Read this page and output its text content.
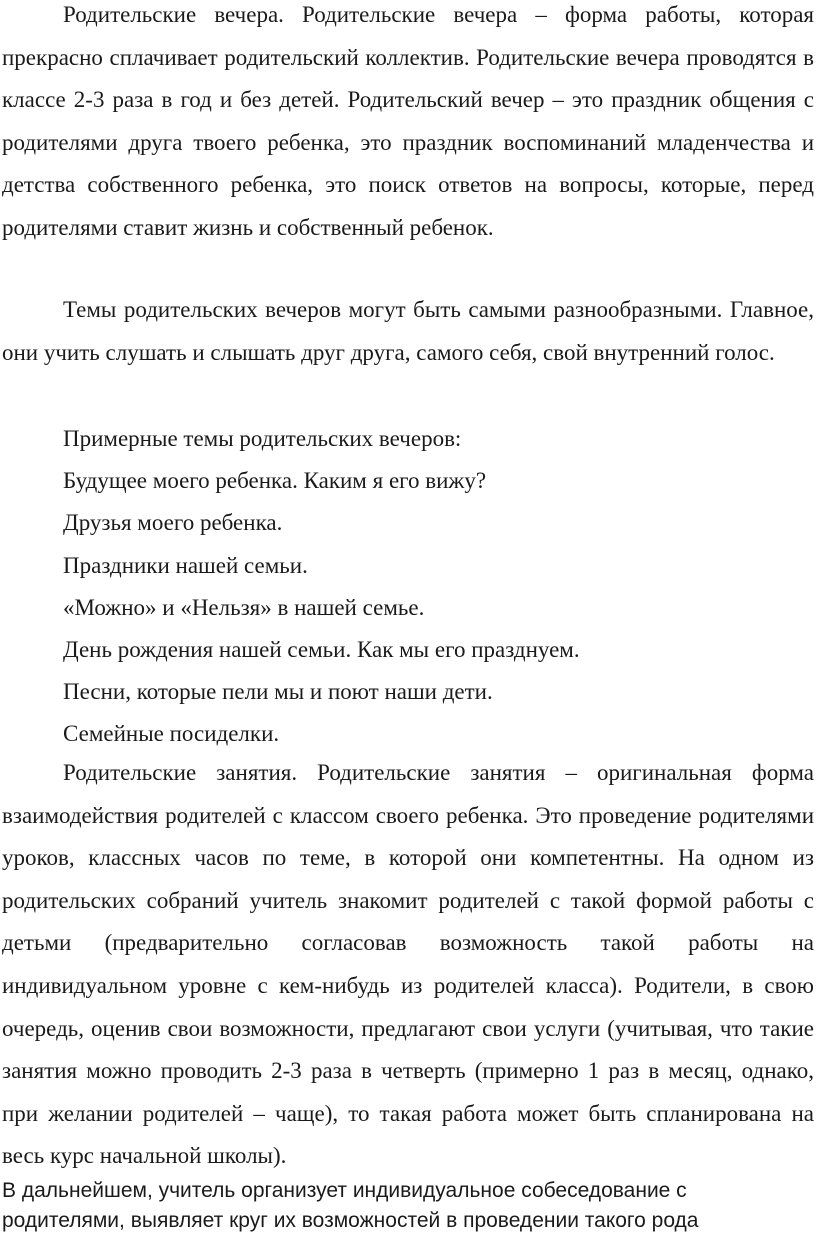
Родительские вечера. Родительские вечера – форма работы, которая прекрасно сплачивает родительский коллектив. Родительские вечера проводятся в классе 2-3 раза в год и без детей. Родительский вечер – это праздник общения с родителями друга твоего ребенка, это праздник воспоминаний младенчества и детства собственного ребенка, это поиск ответов на вопросы, которые, перед родителями ставит жизнь и собственный ребенок.

Темы родительских вечеров могут быть самыми разнообразными. Главное, они учить слушать и слышать друг друга, самого себя, свой внутренний голос.

Примерные темы родительских вечеров:
Будущее моего ребенка. Каким я его вижу?
Друзья моего ребенка.
Праздники нашей семьи.
«Можно» и «Нельзя» в нашей семье.
День рождения нашей семьи. Как мы его празднуем.
Песни, которые пели мы и поют наши дети.
Семейные посиделки.

Родительские занятия. Родительские занятия – оригинальная форма взаимодействия родителей с классом своего ребенка. Это проведение родителями уроков, классных часов по теме, в которой они компетентны. На одном из родительских собраний учитель знакомит родителей с такой формой работы с детьми (предварительно согласовав возможность такой работы на индивидуальном уровне с кем-нибудь из родителей класса). Родители, в свою очередь, оценив свои возможности, предлагают свои услуги (учитывая, что такие занятия можно проводить 2-3 раза в четверть (примерно 1 раз в месяц, однако, при желании родителей – чаще), то такая работа может быть спланирована на весь курс начальной школы).

В дальнейшем, учитель организует индивидуальное собеседование с родителями, выявляет круг их возможностей в проведении такого рода
